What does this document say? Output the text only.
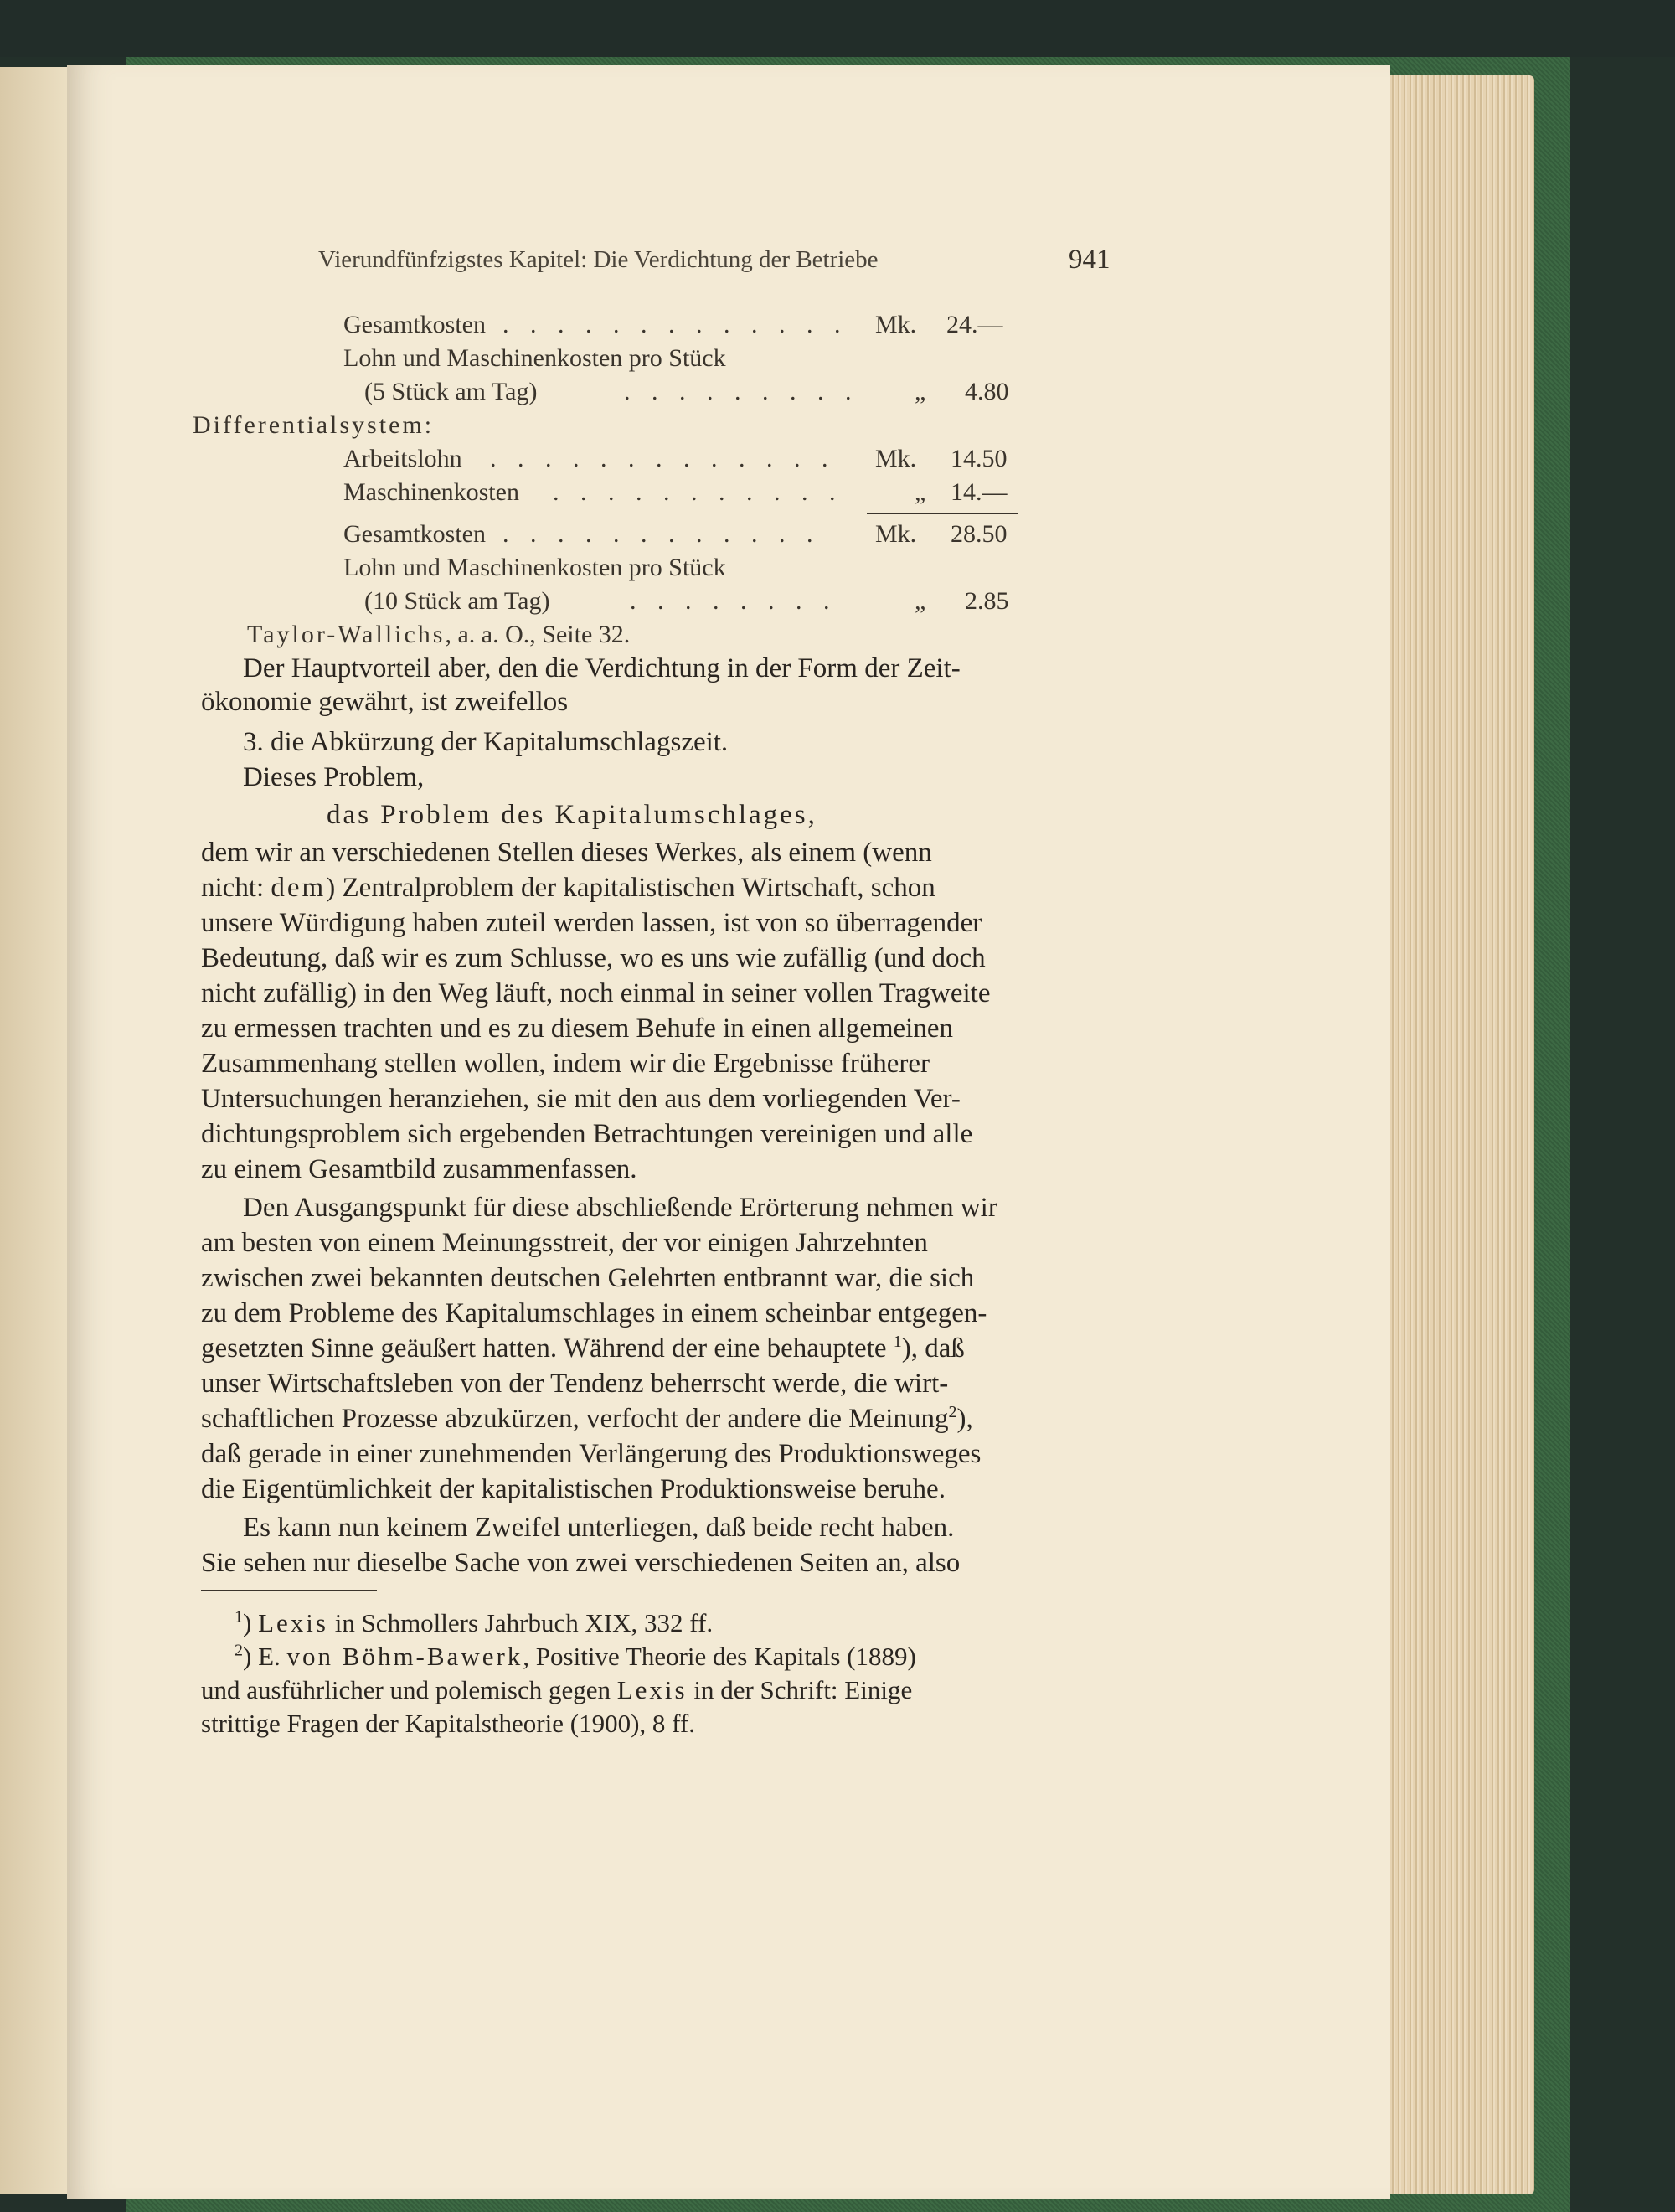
Vierundfünfzigstes Kapitel: Die Verdichtung der Betriebe	941
Gesamtkosten . . . . . . . . . . . . . Mk. 24.—
Lohn und Maschinenkosten pro Stück
(5 Stück am Tag)	. . . . . . . . . „ 4.80
Differentialsystem:
Arbeitslohn . . . . . . . . . . . . . Mk. 14.50
Maschinenkosten . . . . . . . . . . .	„ 14.—
Gesamtkosten . . . . . . . . . . . . Mk. 28.50
Lohn und Maschinenkosten pro Stück
(10 Stück am Tag)	. . . . . . . .	„ 2.85
Taylor-Wallichs, a. a. O., Seite 32.
Der Hauptvorteil aber, den die Verdichtung in der Form der Zeit-
ökonomie gewährt, ist zweifellos
3. die Abkürzung der Kapitalumschlagszeit.
Dieses Problem,
das Problem des Kapitalumschlages,
dem wir an verschiedenen Stellen dieses Werkes, als einem (wenn
nicht: dem) Zentralproblem der kapitalistischen Wirtschaft, schon
unsere Würdigung haben zuteil werden lassen, ist von so überragender
Bedeutung, daß wir es zum Schlusse, wo es uns wie zufällig (und doch
nicht zufällig) in den Weg läuft, noch einmal in seiner vollen Tragweite
zu ermessen trachten und es zu diesem Behufe in einen allgemeinen
Zusammenhang stellen wollen, indem wir die Ergebnisse früherer
Untersuchungen heranziehen, sie mit den aus dem vorliegenden Ver-
dichtungsproblem sich ergebenden Betrachtungen vereinigen und alle
zu einem Gesamtbild zusammenfassen.
Den Ausgangspunkt für diese abschließende Erörterung nehmen wir
am besten von einem Meinungsstreit, der vor einigen Jahrzehnten
zwischen zwei bekannten deutschen Gelehrten entbrannt war, die sich
zu dem Probleme des Kapitalumschlages in einem scheinbar entgegen-
gesetzten Sinne geäußert hatten. Während der eine behauptete $^1$), daß
unser Wirtschaftsleben von der Tendenz beherrscht werde, die wirt-
schaftlichen Prozesse abzukürzen, verfocht der andere die Meinung$^2$),
daß gerade in einer zunehmenden Verlängerung des Produktionsweges
die Eigentümlichkeit der kapitalistischen Produktionsweise beruhe.
Es kann nun keinem Zweifel unterliegen, daß beide recht haben.
Sie sehen nur dieselbe Sache von zwei verschiedenen Seiten an, also
$^1$) Lexis in Schmollers Jahrbuch XIX, 332 ff.
$^2$) E. von Böhm-Bawerk, Positive Theorie des Kapitals (1889)
und ausführlicher und polemisch gegen Lexis in der Schrift: Einige
strittige Fragen der Kapitalstheorie (1900), 8 ff.
